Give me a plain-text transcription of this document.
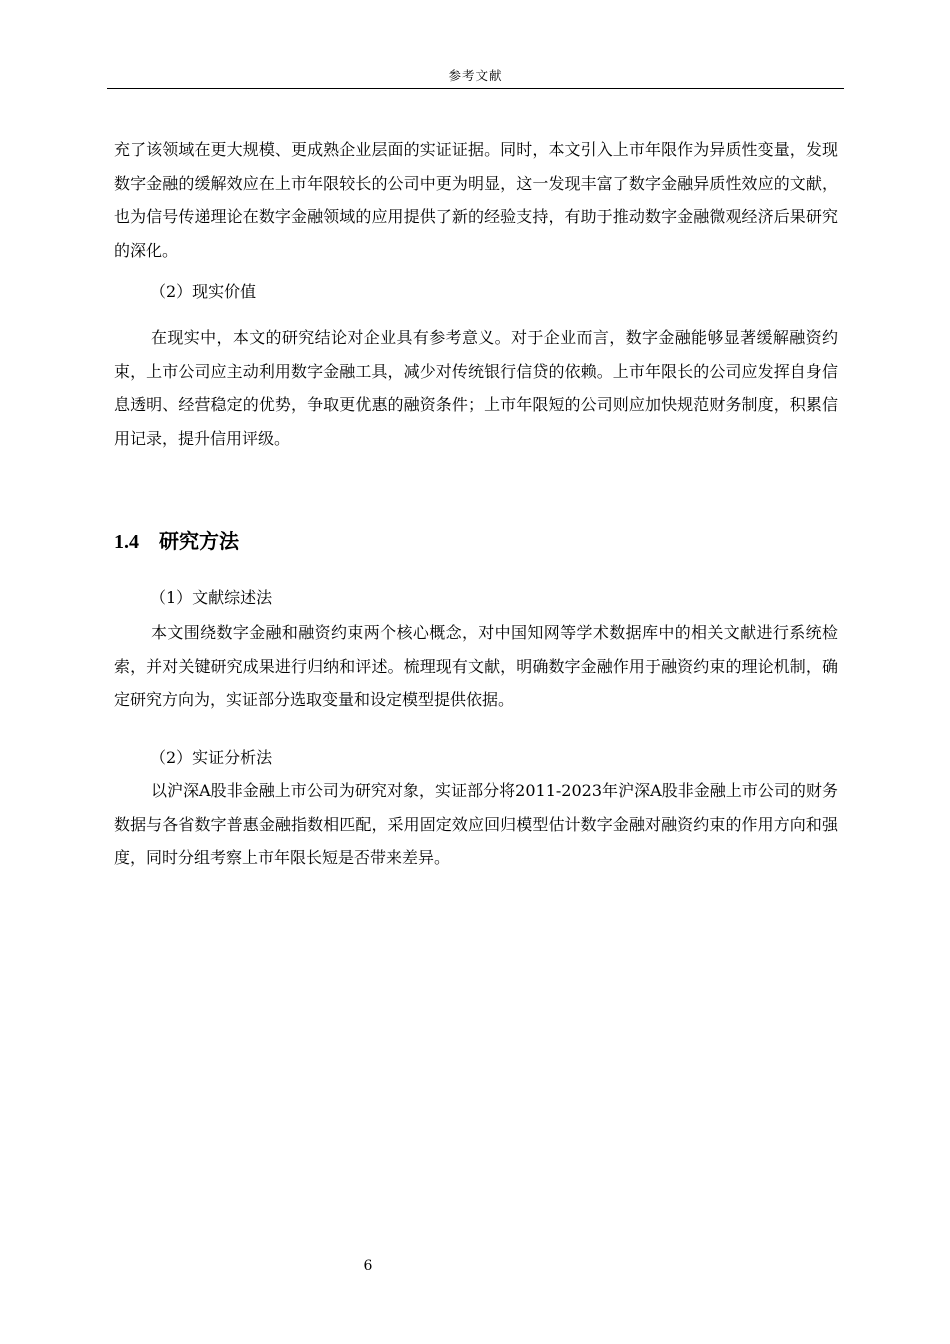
参考文献

充了该领域在更大规模、更成熟企业层面的实证证据。同时，本文引入上市年限作为异质性变量，发现数字金融的缓解效应在上市年限较长的公司中更为明显，这一发现丰富了数字金融异质性效应的文献，也为信号传递理论在数字金融领域的应用提供了新的经验支持，有助于推动数字金融微观经济后果研究的深化。

（2）现实价值

在现实中，本文的研究结论对企业具有参考意义。对于企业而言，数字金融能够显著缓解融资约束，上市公司应主动利用数字金融工具，减少对传统银行信贷的依赖。上市年限长的公司应发挥自身信息透明、经营稳定的优势，争取更优惠的融资条件；上市年限短的公司则应加快规范财务制度，积累信用记录，提升信用评级。

1.4 研究方法

（1）文献综述法

本文围绕数字金融和融资约束两个核心概念，对中国知网等学术数据库中的相关文献进行系统检索，并对关键研究成果进行归纳和评述。梳理现有文献，明确数字金融作用于融资约束的理论机制，确定研究方向为，实证部分选取变量和设定模型提供依据。

（2）实证分析法

以沪深A股非金融上市公司为研究对象，实证部分将2011-2023年沪深A股非金融上市公司的财务数据与各省数字普惠金融指数相匹配，采用固定效应回归模型估计数字金融对融资约束的作用方向和强度，同时分组考察上市年限长短是否带来差异。

6
